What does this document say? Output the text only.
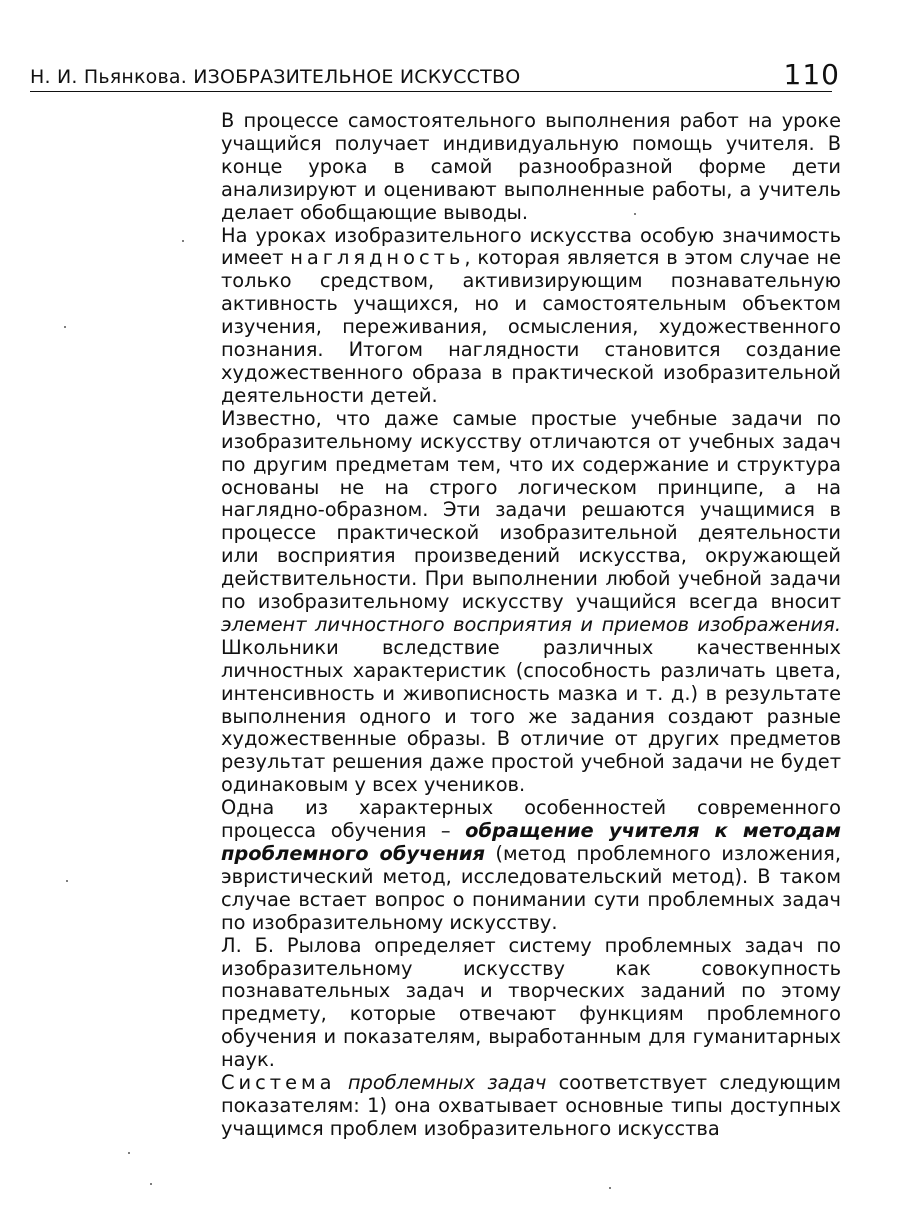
Н. И. Пьянкова. ИЗОБРАЗИТЕЛЬНОЕ ИСКУССТВО	110

В процессе самостоятельного выполнения работ на уроке учащийся получает индивидуальную помощь учителя. В конце урока в самой разнообразной форме дети анализируют и оценивают выполненные работы, а учитель делает обобщающие выводы.

На уроках изобразительного искусства особую значимость имеет наглядность, которая является в этом случае не только средством, активизирующим познавательную активность учащихся, но и самостоятельным объектом изучения, переживания, осмысления, художественного познания. Итогом наглядности становится создание художественного образа в практической изобразительной деятельности детей.

Известно, что даже самые простые учебные задачи по изобразительному искусству отличаются от учебных задач по другим предметам тем, что их содержание и структура основаны не на строго логическом принципе, а на наглядно-образном. Эти задачи решаются учащимися в процессе практической изобразительной деятельности или восприятия произведений искусства, окружающей действительности. При выполнении любой учебной задачи по изобразительному искусству учащийся всегда вносит элемент личностного восприятия и приемов изображения. Школьники вследствие различных качественных личностных характеристик (способность различать цвета, интенсивность и живописность мазка и т. д.) в результате выполнения одного и того же задания создают разные художественные образы. В отличие от других предметов результат решения даже простой учебной задачи не будет одинаковым у всех учеников.

Одна из характерных особенностей современного процесса обучения – обращение учителя к методам проблемного обучения (метод проблемного изложения, эвристический метод, исследовательский метод). В таком случае встает вопрос о понимании сути проблемных задач по изобразительному искусству.

Л. Б. Рылова определяет систему проблемных задач по изобразительному искусству как совокупность познавательных задач и творческих заданий по этому предмету, которые отвечают функциям проблемного обучения и показателям, выработанным для гуманитарных наук.

Система проблемных задач соответствует следующим показателям: 1) она охватывает основные типы доступных учащимся проблем изобразительного искусства
